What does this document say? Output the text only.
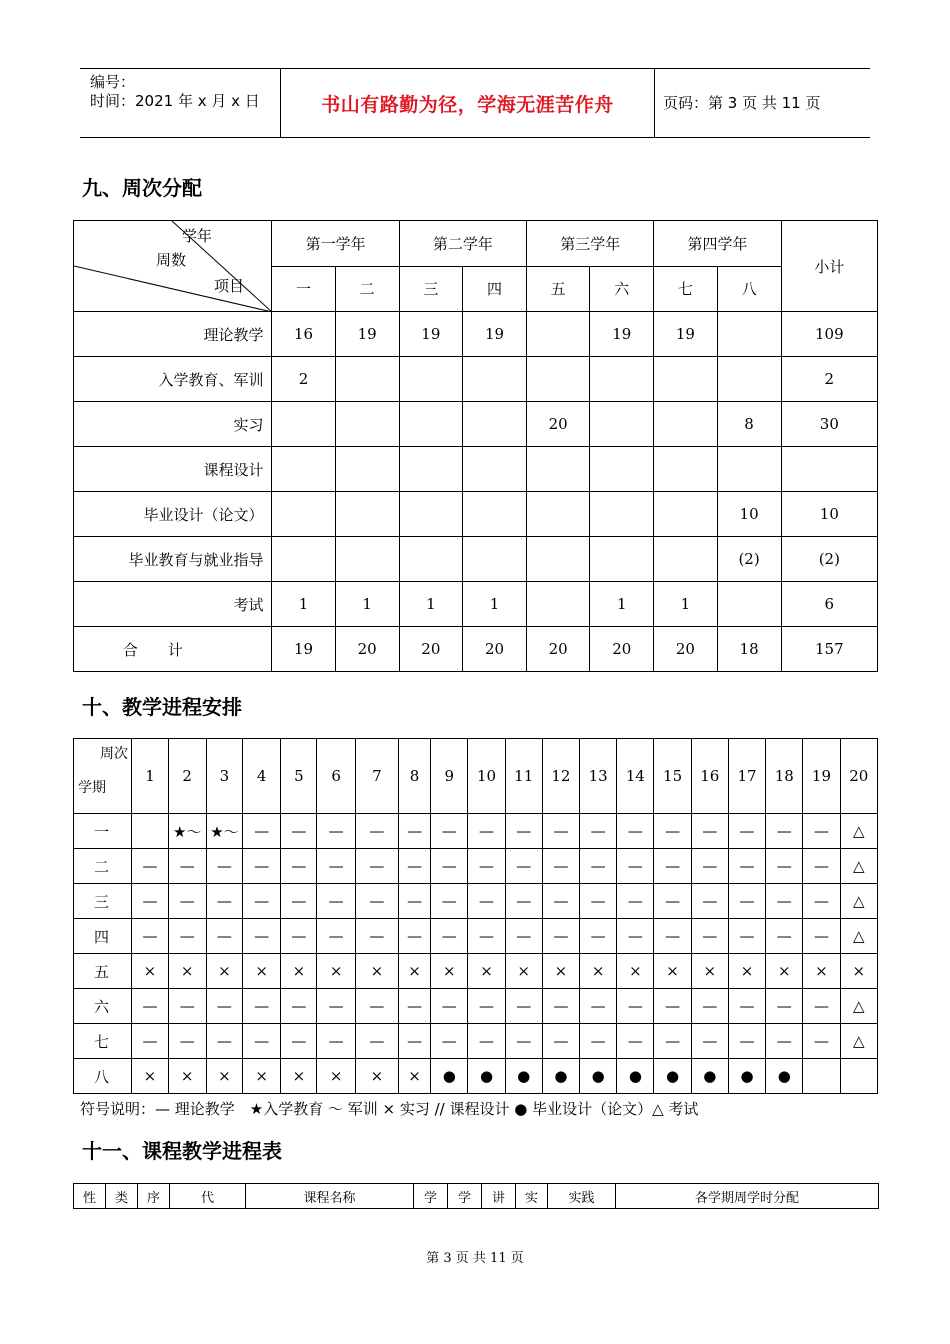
编号：
时间：2021 年 x 月 x 日	书山有路勤为径，学海无涯苦作舟	页码：第 3 页 共 11 页
九、周次分配
学年
周数
项目	第一学年		第二学年		第三学年		第四学年		小计
	一	二	三	四	五	六	七	八	
理论教学	16	19	19	19		19	19		109
入学教育、军训	2								2
实习					20			8	30
课程设计									
毕业设计（论文）								10	10
毕业教育与就业指导								(2)	(2)
考试	1	1	1	1		1	1		6
合　　计	19	20	20	20	20	20	20	18	157
十、教学进程安排
周次
学期	1	2	3	4	5	6	7	8	9	10	11	12	13	14	15	16	17	18	19	20
一		★～	★～	—	—	—	—	—	—	—	—	—	—	—	—	—	—	—	—	△
二	—	—	—	—	—	—	—	—	—	—	—	—	—	—	—	—	—	—	—	△
三	—	—	—	—	—	—	—	—	—	—	—	—	—	—	—	—	—	—	—	△
四	—	—	—	—	—	—	—	—	—	—	—	—	—	—	—	—	—	—	—	△
五	×	×	×	×	×	×	×	×	×	×	×	×	×	×	×	×	×	×	×	×
六	—	—	—	—	—	—	—	—	—	—	—	—	—	—	—	—	—	—	—	△
七	—	—	—	—	—	—	—	—	—	—	—	—	—	—	—	—	—	—	—	△
八	×	×	×	×	×	×	×	×	●	●	●	●	●	●	●	●	●	●		
符号说明：— 理论教学　★入学教育 ～ 军训 × 实习 // 课程设计 ● 毕业设计（论文）△ 考试
十一、课程教学进程表
性	类	序	代	课程名称	学	学	讲	实	实践	各学期周学时分配
第 3 页 共 11 页
